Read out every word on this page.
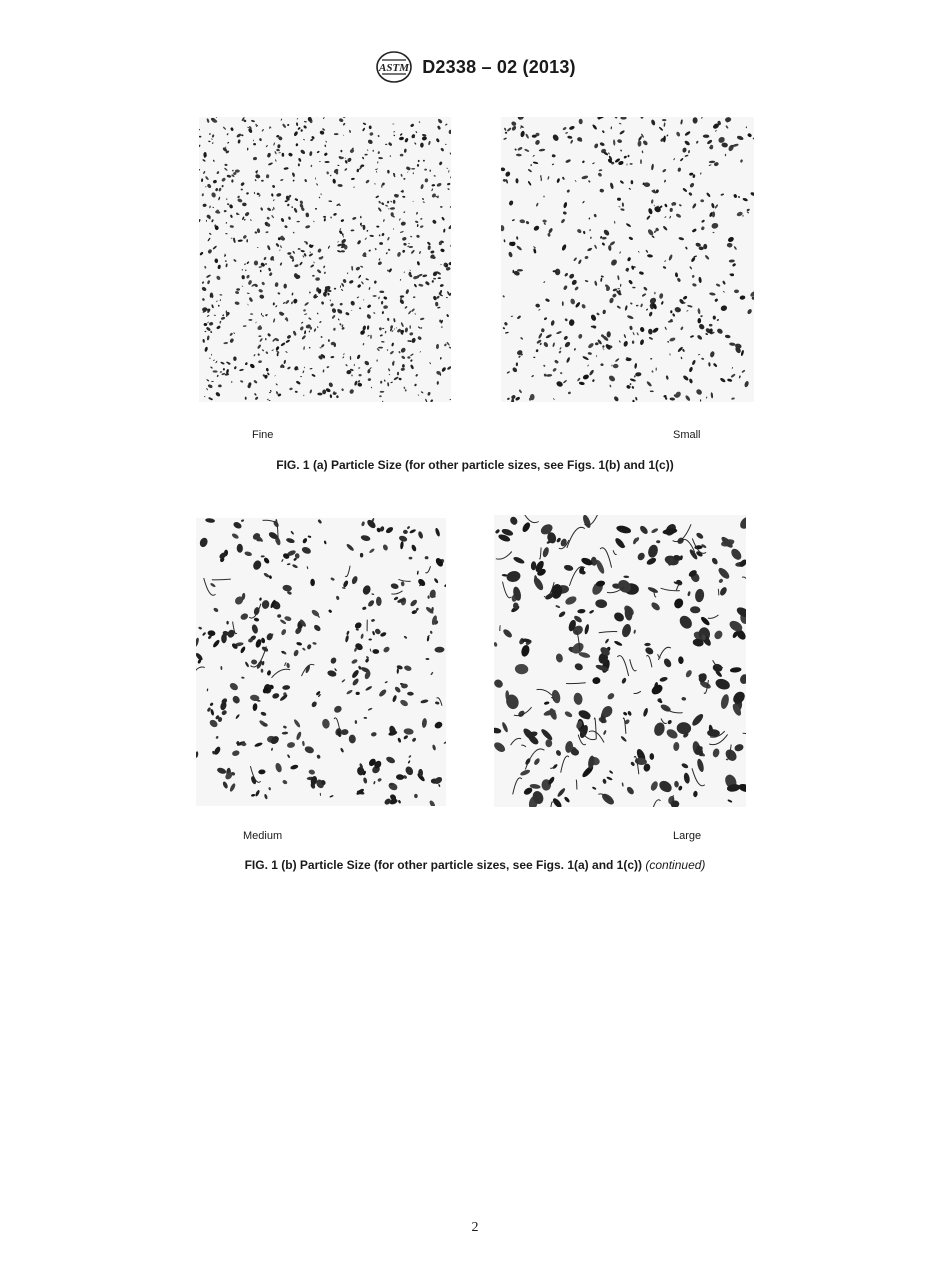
ASTM D2338 – 02 (2013)
Fine	Small
FIG. 1 (a) Particle Size (for other particle sizes, see Figs. 1(b) and 1(c))
Medium	Large
FIG. 1 (b) Particle Size (for other particle sizes, see Figs. 1(a) and 1(c)) (continued)
2
